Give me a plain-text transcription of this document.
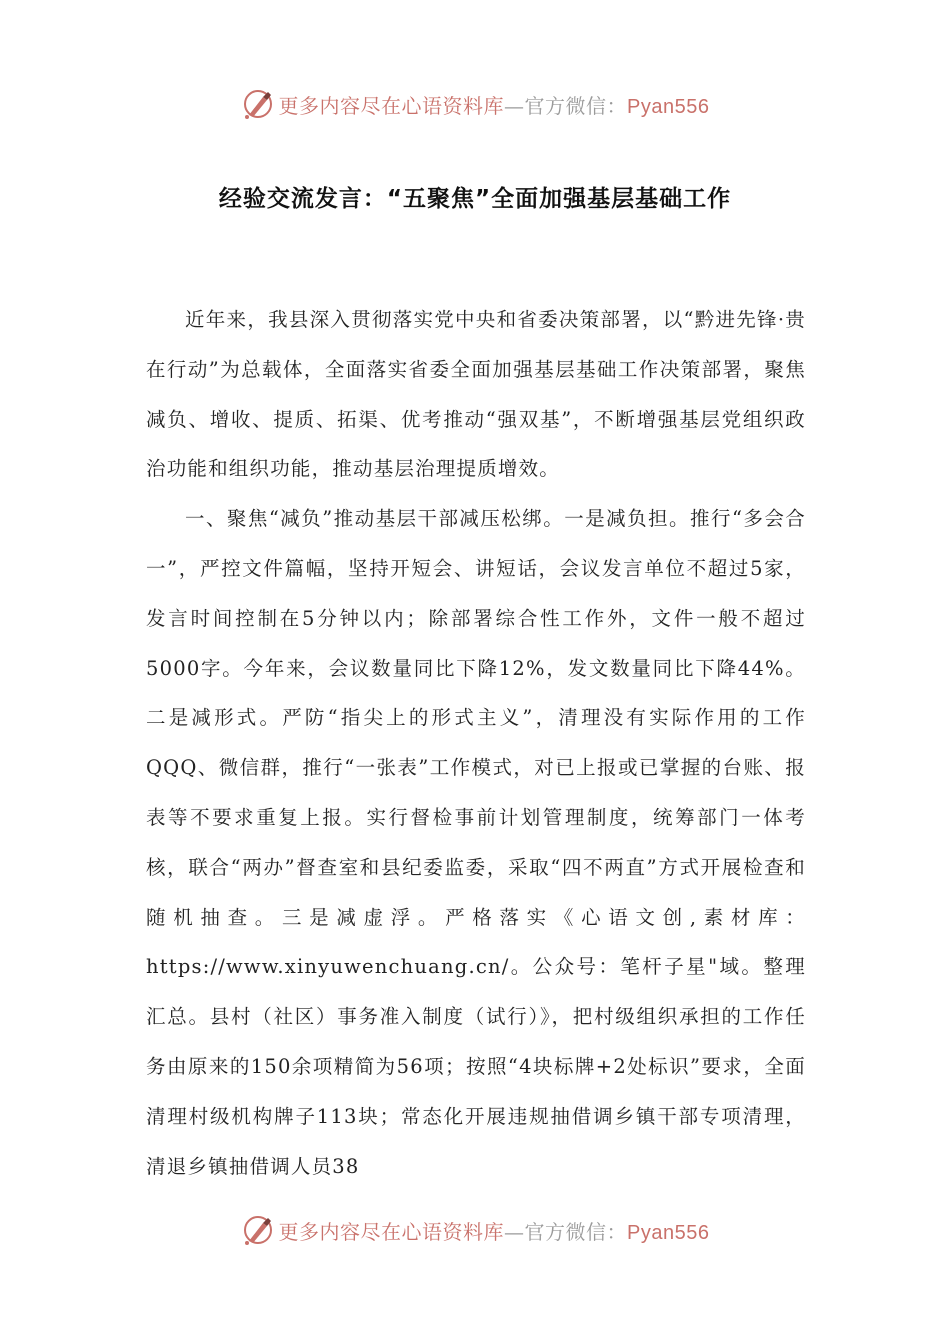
更多内容尽在心语资料库—官方微信：Pyan556
经验交流发言：“五聚焦”全面加强基层基础工作

近年来，我县深入贯彻落实党中央和省委决策部署，以“黔进先锋·贵在行动”为总载体，全面落实省委全面加强基层基础工作决策部署，聚焦减负、增收、提质、拓渠、优考推动“强双基”，不断增强基层党组织政治功能和组织功能，推动基层治理提质增效。

一、聚焦“减负”推动基层干部减压松绑。一是减负担。推行“多会合一”，严控文件篇幅，坚持开短会、讲短话，会议发言单位不超过5家，发言时间控制在5分钟以内；除部署综合性工作外，文件一般不超过5000字。今年来，会议数量同比下降12%，发文数量同比下降44%。二是减形式。严防“指尖上的形式主义”，清理没有实际作用的工作QQQ、微信群，推行“一张表”工作模式，对已上报或已掌握的台账、报表等不要求重复上报。实行督检事前计划管理制度，统筹部门一体考核，联合“两办”督查室和县纪委监委，采取“四不两直”方式开展检查和随机抽查。三是减虚浮。严格落实《心语文创,素材库：https://www.xinyuwenchuang.cn/。公众号：笔杆子星"域。整理汇总。县村（社区）事务准入制度（试行）》，把村级组织承担的工作任务由原来的150余项精简为56项；按照“4块标牌+2处标识”要求，全面清理村级机构牌子113块；常态化开展违规抽借调乡镇干部专项清理，清退乡镇抽借调人员38

更多内容尽在心语资料库—官方微信：Pyan556
